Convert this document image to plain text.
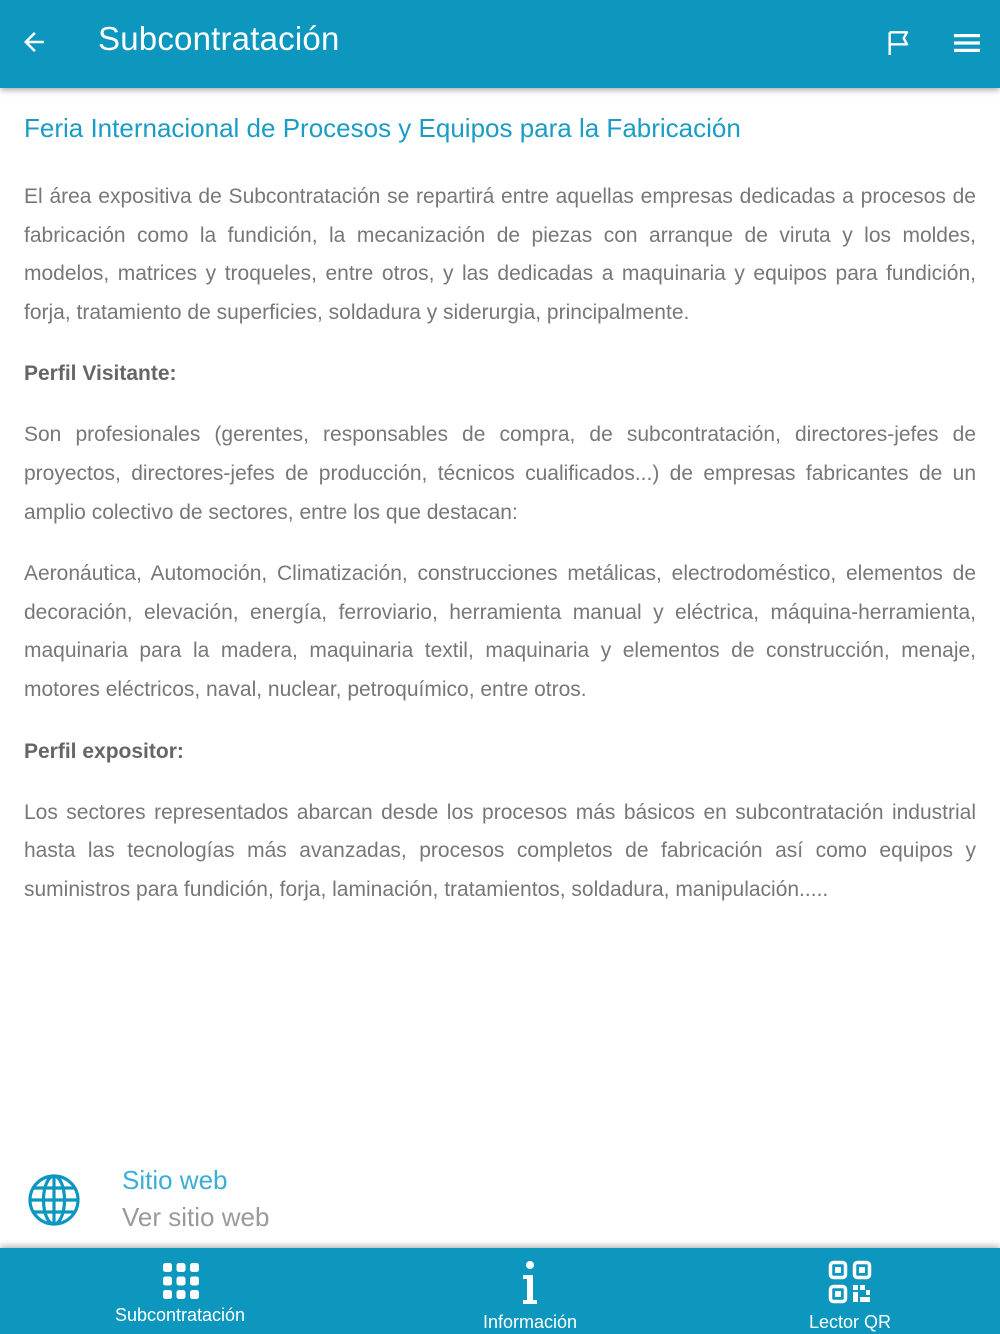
Subcontratación
Feria Internacional de Procesos y Equipos para la Fabricación

El área expositiva de Subcontratación se repartirá entre aquellas empresas dedicadas a procesos de fabricación como la fundición, la mecanización de piezas con arranque de viruta y los moldes, modelos, matrices y troqueles, entre otros, y las dedicadas a maquinaria y equipos para fundición, forja, tratamiento de superficies, soldadura y siderurgia, principalmente.

Perfil Visitante:

Son profesionales (gerentes, responsables de compra, de subcontratación, directores-jefes de proyectos, directores-jefes de producción, técnicos cualificados...) de empresas fabricantes de un amplio colectivo de sectores, entre los que destacan:

Aeronáutica, Automoción, Climatización, construcciones metálicas, electrodoméstico, elementos de decoración, elevación, energía, ferroviario, herramienta manual y eléctrica, máquina-herramienta, maquinaria para la madera, maquinaria textil, maquinaria y elementos de construcción, menaje, motores eléctricos, naval, nuclear, petroquímico, entre otros.

Perfil expositor:

Los sectores representados abarcan desde los procesos más básicos en subcontratación industrial hasta las tecnologías más avanzadas, procesos completos de fabricación así como equipos y suministros para fundición, forja, laminación, tratamientos, soldadura, manipulación.....

Sitio web
Ver sitio web
Subcontratación	Información	Lector QR
